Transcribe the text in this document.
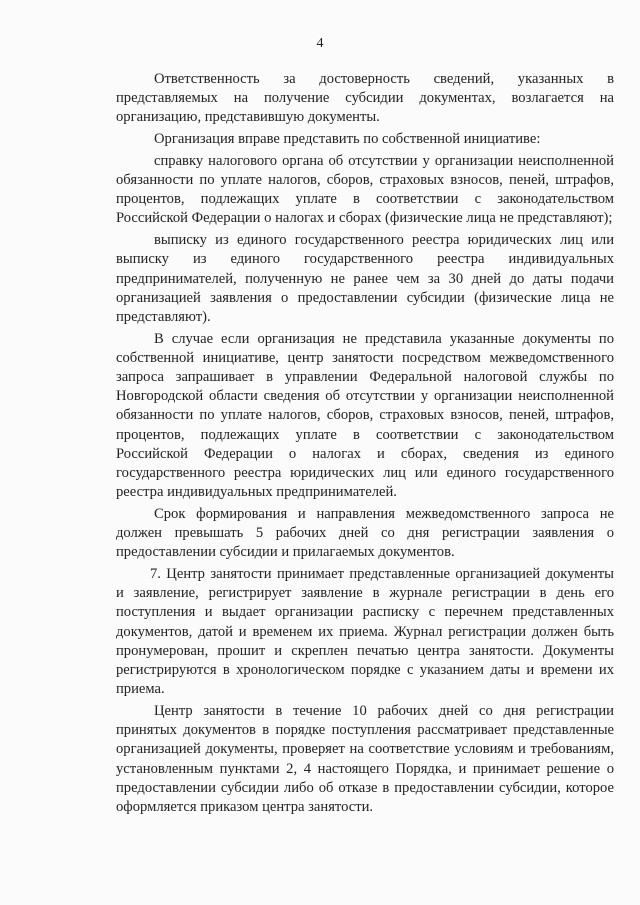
4

Ответственность за достоверность сведений, указанных в представляемых на получение субсидии документах, возлагается на организацию, представившую документы.

Организация вправе представить по собственной инициативе:

справку налогового органа об отсутствии у организации неисполненной обязанности по уплате налогов, сборов, страховых взносов, пеней, штрафов, процентов, подлежащих уплате в соответствии с законодательством Российской Федерации о налогах и сборах (физические лица не представляют);

выписку из единого государственного реестра юридических лиц или выписку из единого государственного реестра индивидуальных предпринимателей, полученную не ранее чем за 30 дней до даты подачи организацией заявления о предоставлении субсидии (физические лица не представляют).

В случае если организация не представила указанные документы по собственной инициативе, центр занятости посредством межведомственного запроса запрашивает в управлении Федеральной налоговой службы по Новгородской области сведения об отсутствии у организации неисполненной обязанности по уплате налогов, сборов, страховых взносов, пеней, штрафов, процентов, подлежащих уплате в соответствии с законодательством Российской Федерации о налогах и сборах, сведения из единого государственного реестра юридических лиц или единого государственного реестра индивидуальных предпринимателей.

Срок формирования и направления межведомственного запроса не должен превышать 5 рабочих дней со дня регистрации заявления о предоставлении субсидии и прилагаемых документов.

7. Центр занятости принимает представленные организацией документы и заявление, регистрирует заявление в журнале регистрации в день его поступления и выдает организации расписку с перечнем представленных документов, датой и временем их приема. Журнал регистрации должен быть пронумерован, прошит и скреплен печатью центра занятости. Документы регистрируются в хронологическом порядке с указанием даты и времени их приема.

Центр занятости в течение 10 рабочих дней со дня регистрации принятых документов в порядке поступления рассматривает представленные организацией документы, проверяет на соответствие условиям и требованиям, установленным пунктами 2, 4 настоящего Порядка, и принимает решение о предоставлении субсидии либо об отказе в предоставлении субсидии, которое оформляется приказом центра занятости.
